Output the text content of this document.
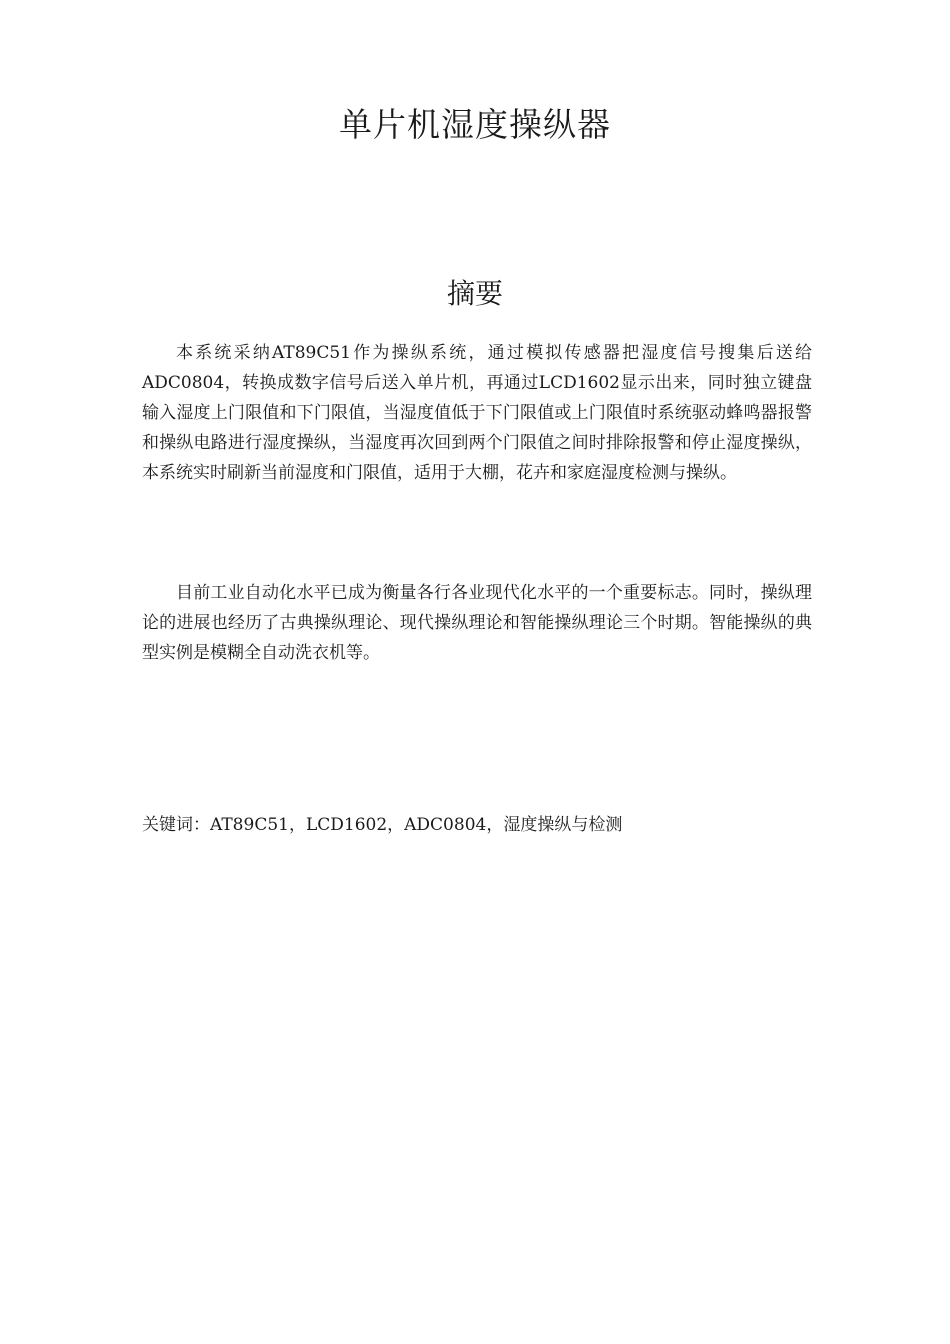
单片机湿度操纵器
摘要

本系统采纳AT89C51作为操纵系统，通过模拟传感器把湿度信号搜集后送给ADC0804，转换成数字信号后送入单片机，再通过LCD1602显示出来，同时独立键盘输入湿度上门限值和下门限值，当湿度值低于下门限值或上门限值时系统驱动蜂鸣器报警和操纵电路进行湿度操纵，当湿度再次回到两个门限值之间时排除报警和停止湿度操纵，本系统实时刷新当前湿度和门限值，适用于大棚，花卉和家庭湿度检测与操纵。

目前工业自动化水平已成为衡量各行各业现代化水平的一个重要标志。同时，操纵理论的进展也经历了古典操纵理论、现代操纵理论和智能操纵理论三个时期。智能操纵的典型实例是模糊全自动洗衣机等。

关键词：AT89C51，LCD1602，ADC0804，湿度操纵与检测
